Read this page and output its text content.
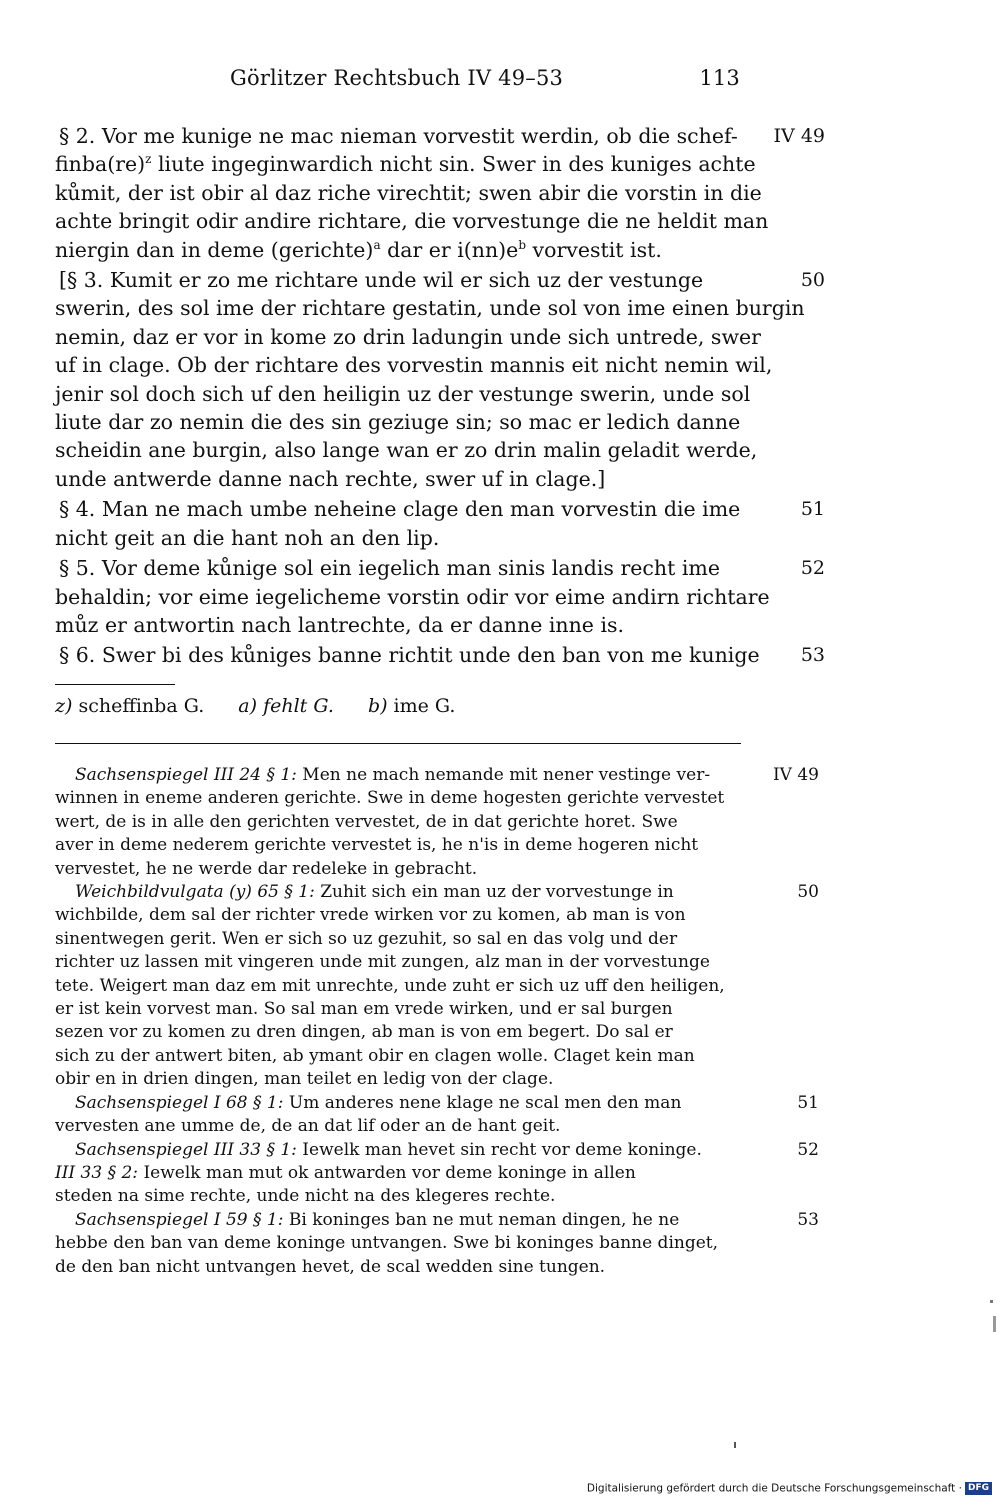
Görlitzer Rechtsbuch IV 49–53	113
IV 49
§ 2. Vor me kunige ne mac nieman vorvestit werdin, ob die schef-
finba(re)$^z$ liute ingeginwardich nicht sin. Swer in des kuniges achte
kůmit, der ist obir al daz riche virechtit; swen abir die vorstin in die
achte bringit odir andire richtare, die vorvestunge die ne heldit man
niergin dan in deme (gerichte)$^a$ dar er $i(nn)e^b$ vorvestit ist.
50
[§ 3. Kumit er zo me richtare unde wil er sich uz der vestunge
swerin, des sol ime der richtare gestatin, unde sol von ime einen burgin
nemin, daz er vor in kome zo drin ladungin unde sich untrede, swer
uf in clage. Ob der richtare des vorvestin mannis eit nicht nemin wil,
jenir sol doch sich uf den heiligin uz der vestunge swerin, unde sol
liute dar zo nemin die des sin geziuge sin; so mac er ledich danne
scheidin ane burgin, also lange wan er zo drin malin geladit werde,
unde antwerde danne nach rechte, swer uf in clage.]
51
§ 4. Man ne mach umbe neheine clage den man vorvestin die ime
nicht geit an die hant noh an den lip.
52
§ 5. Vor deme kůnige sol ein iegelich man sinis landis recht ime
behaldin; vor eime iegelicheme vorstin odir vor eime andirn richtare
můz er antwortin nach lantrechte, da er danne inne is.
53
§ 6. Swer bi des kůniges banne richtit unde den ban von me kunige
z) scheffinba G. a) fehlt G. b) ime G.
IV 49
Sachsenspiegel III 24 § 1: Men ne mach nemande mit nener vestinge ver-
winnen in eneme anderen gerichte. Swe in deme hogesten gerichte vervestet
wert, de is in alle den gerichten vervestet, de in dat gerichte horet. Swe
aver in deme nederem gerichte vervestet is, he n'is in deme hogeren nicht
vervestet, he ne werde dar redeleke in gebracht.
50
Weichbildvulgata (y) 65 § 1: Zuhit sich ein man uz der vorvestunge in
wichbilde, dem sal der richter vrede wirken vor zu komen, ab man is von
sinentwegen gerit. Wen er sich so uz gezuhit, so sal en das volg und der
richter uz lassen mit vingeren unde mit zungen, alz man in der vorvestunge
tete. Weigert man daz em mit unrechte, unde zuht er sich uz uff den heiligen,
er ist kein vorvest man. So sal man em vrede wirken, und er sal burgen
sezen vor zu komen zu dren dingen, ab man is von em begert. Do sal er
sich zu der antwert biten, ab ymant obir en clagen wolle. Claget kein man
obir en in drien dingen, man teilet en ledig von der clage.
51
Sachsenspiegel I 68 § 1: Um anderes nene klage ne scal men den man
vervesten ane umme de, de an dat lif oder an de hant geit.
52
Sachsenspiegel III 33 § 1: Iewelk man hevet sin recht vor deme koninge.
III 33 § 2: Iewelk man mut ok antwarden vor deme koninge in allen
steden na sime rechte, unde nicht na des klegeres rechte.
53
Sachsenspiegel I 59 § 1: Bi koninges ban ne mut neman dingen, he ne
hebbe den ban van deme koninge untvangen. Swe bi koninges banne dinget,
de den ban nicht untvangen hevet, de scal wedden sine tungen.
Digitalisierung gefördert durch die Deutsche Forschungsgemeinschaft · DFG
